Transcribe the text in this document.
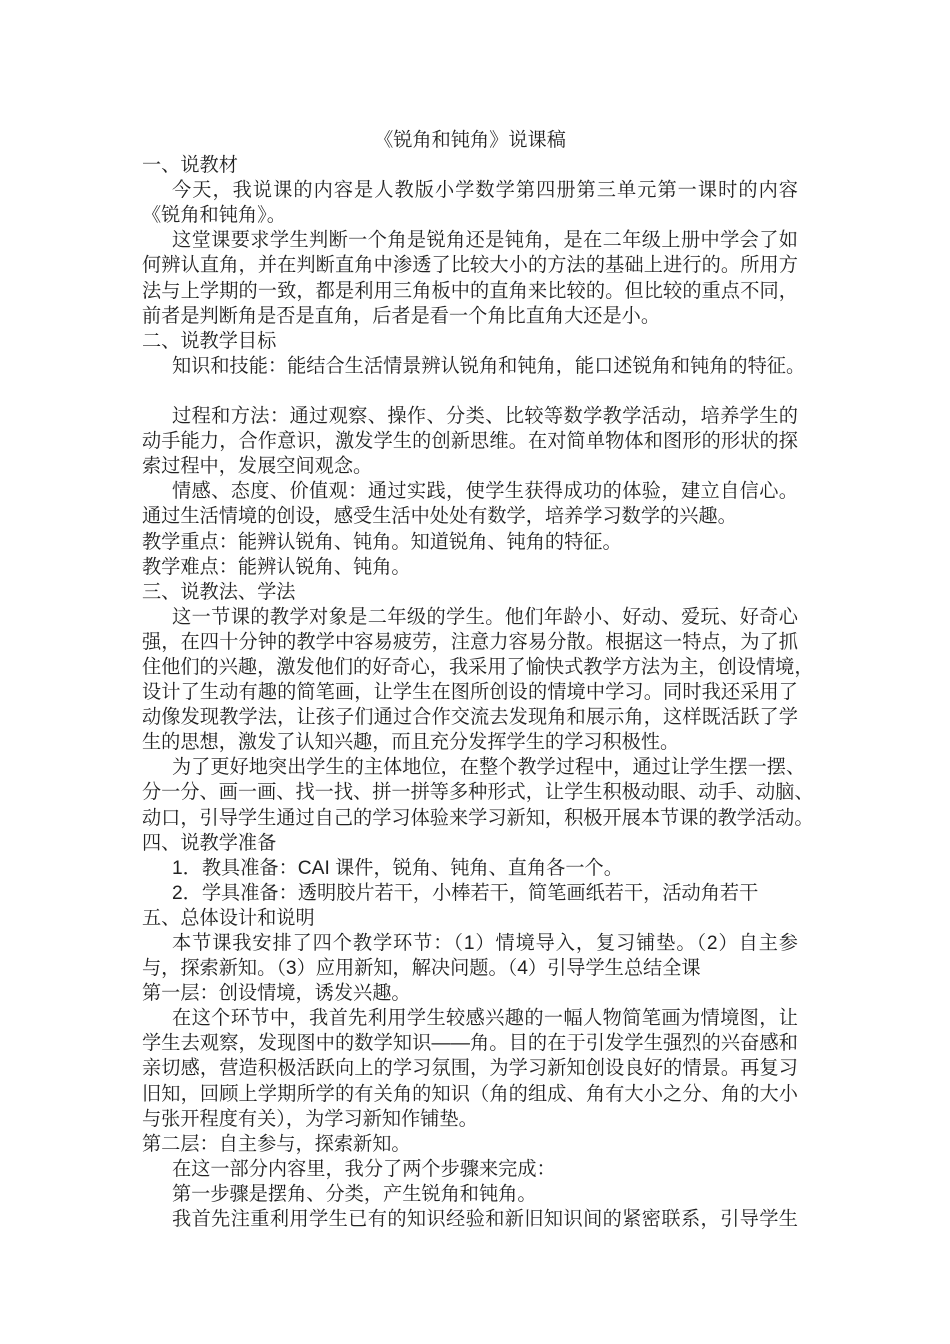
《锐角和钝角》说课稿
一、说教材
今天，我说课的内容是人教版小学数学第四册第三单元第一课时的内容
《锐角和钝角》。
这堂课要求学生判断一个角是锐角还是钝角，是在二年级上册中学会了如
何辨认直角，并在判断直角中渗透了比较大小的方法的基础上进行的。所用方
法与上学期的一致，都是利用三角板中的直角来比较的。但比较的重点不同，
前者是判断角是否是直角，后者是看一个角比直角大还是小。
二、说教学目标
知识和技能：能结合生活情景辨认锐角和钝角，能口述锐角和钝角的特征。
过程和方法：通过观察、操作、分类、比较等数学教学活动，培养学生的
动手能力，合作意识，激发学生的创新思维。在对简单物体和图形的形状的探
索过程中，发展空间观念。
情感、态度、价值观：通过实践，使学生获得成功的体验，建立自信心。
通过生活情境的创设，感受生活中处处有数学，培养学习数学的兴趣。
教学重点：能辨认锐角、钝角。知道锐角、钝角的特征。
教学难点：能辨认锐角、钝角。
三、说教法、学法
这一节课的教学对象是二年级的学生。他们年龄小、好动、爱玩、好奇心
强，在四十分钟的教学中容易疲劳，注意力容易分散。根据这一特点，为了抓
住他们的兴趣，激发他们的好奇心，我采用了愉快式教学方法为主，创设情境，
设计了生动有趣的简笔画，让学生在图所创设的情境中学习。同时我还采用了
动像发现教学法，让孩子们通过合作交流去发现角和展示角，这样既活跃了学
生的思想，激发了认知兴趣，而且充分发挥学生的学习积极性。
为了更好地突出学生的主体地位，在整个教学过程中，通过让学生摆一摆、
分一分、画一画、找一找、拼一拼等多种形式，让学生积极动眼、动手、动脑、
动口，引导学生通过自己的学习体验来学习新知，积极开展本节课的教学活动。
四、说教学准备
1．教具准备：CAI 课件，锐角、钝角、直角各一个。
2．学具准备：透明胶片若干，小棒若干，简笔画纸若干，活动角若干
五、总体设计和说明
本节课我安排了四个教学环节：（1）情境导入，复习铺垫。（2）自主参
与，探索新知。（3）应用新知，解决问题。（4）引导学生总结全课
第一层：创设情境，诱发兴趣。
在这个环节中，我首先利用学生较感兴趣的一幅人物简笔画为情境图，让
学生去观察，发现图中的数学知识——角。目的在于引发学生强烈的兴奋感和
亲切感，营造积极活跃向上的学习氛围，为学习新知创设良好的情景。再复习
旧知，回顾上学期所学的有关角的知识（角的组成、角有大小之分、角的大小
与张开程度有关），为学习新知作铺垫。
第二层：自主参与，探索新知。
在这一部分内容里，我分了两个步骤来完成：
第一步骤是摆角、分类，产生锐角和钝角。
我首先注重利用学生已有的知识经验和新旧知识间的紧密联系，引导学生
